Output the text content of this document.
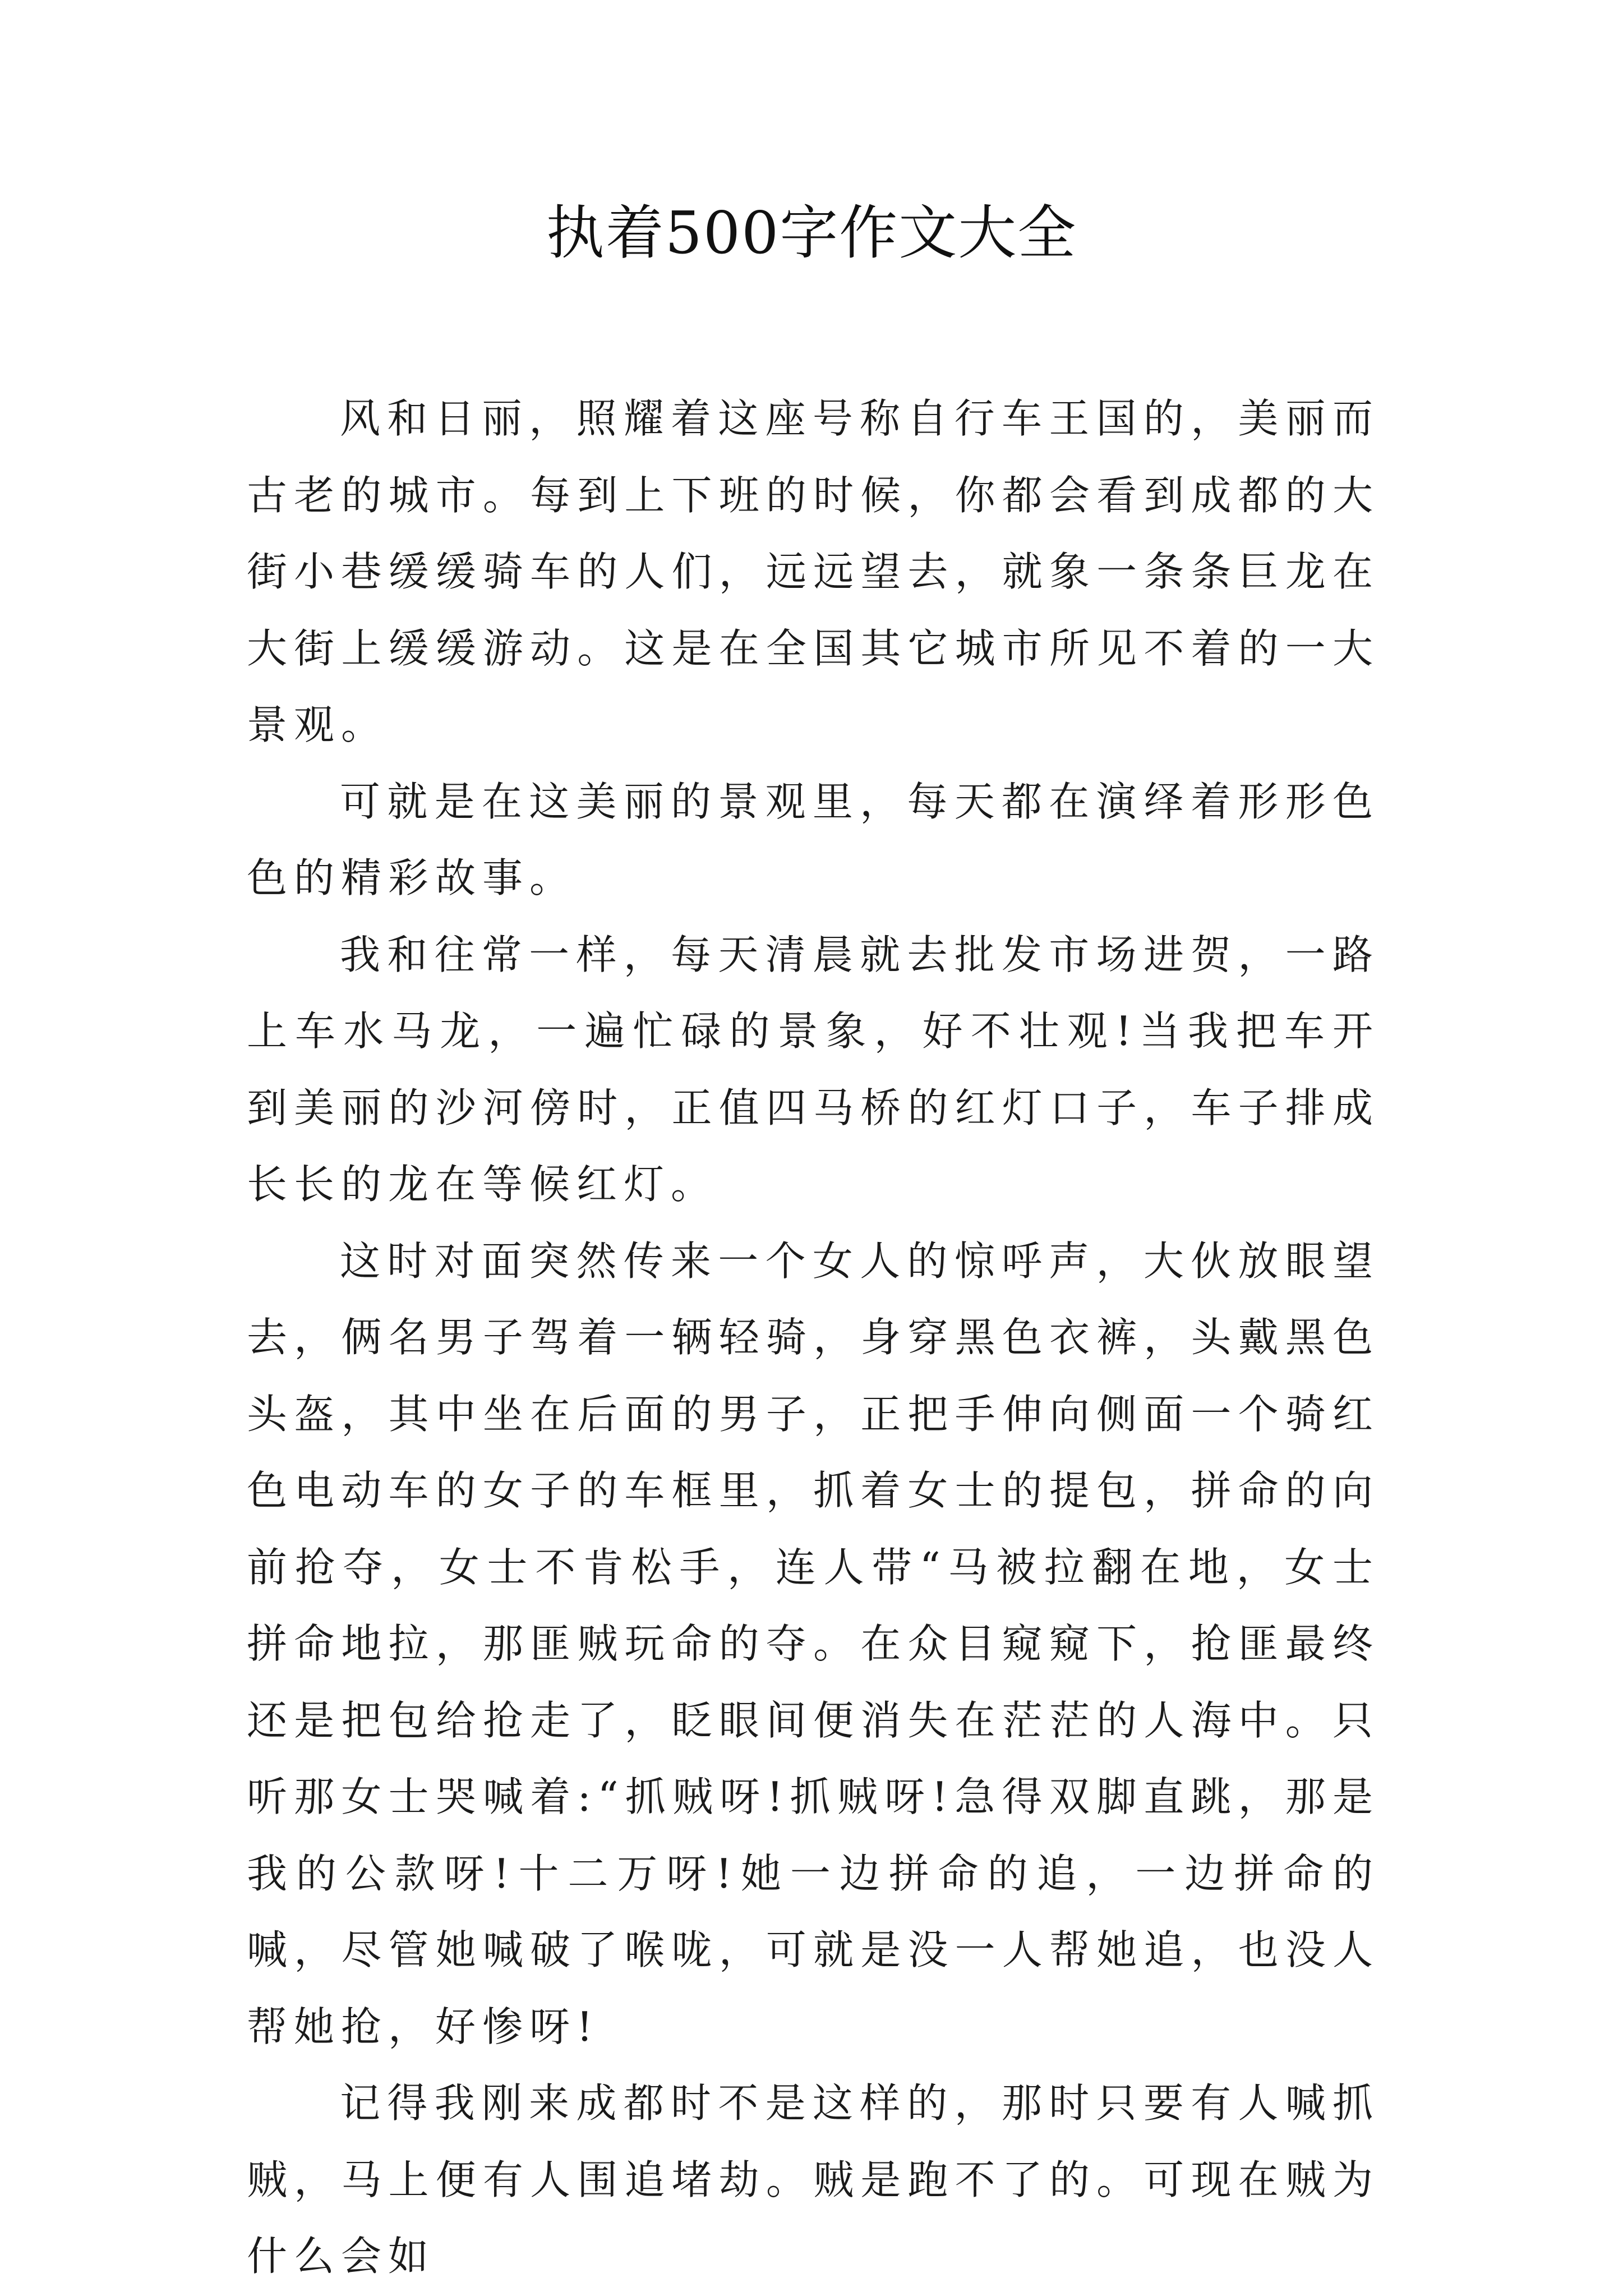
执着500字作文大全

风和日丽，照耀着这座号称自行车王国的，美丽而古老的城市。每到上下班的时候，你都会看到成都的大街小巷缓缓骑车的人们，远远望去，就象一条条巨龙在大街上缓缓游动。这是在全国其它城市所见不着的一大景观。

可就是在这美丽的景观里，每天都在演绎着形形色色的精彩故事。

我和往常一样，每天清晨就去批发市场进贺，一路上车水马龙，一遍忙碌的景象，好不壮观!当我把车开到美丽的沙河傍时，正值四马桥的红灯口子，车子排成长长的龙在等候红灯。

这时对面突然传来一个女人的惊呼声，大伙放眼望去，俩名男子驾着一辆轻骑，身穿黑色衣裤，头戴黑色头盔，其中坐在后面的男子，正把手伸向侧面一个骑红色电动车的女子的车框里，抓着女士的提包，拼命的向前抢夺，女士不肯松手，连人带“马被拉翻在地，女士拼命地拉，那匪贼玩命的夺。在众目窥窥下，抢匪最终还是把包给抢走了，眨眼间便消失在茫茫的人海中。只听那女士哭喊着:“抓贼呀!抓贼呀!急得双脚直跳，那是我的公款呀!十二万呀!她一边拼命的追，一边拼命的喊，尽管她喊破了喉咙，可就是没一人帮她追，也没人帮她抢，好惨呀!

记得我刚来成都时不是这样的，那时只要有人喊抓贼，马上便有人围追堵劫。贼是跑不了的。可现在贼为什么会如
